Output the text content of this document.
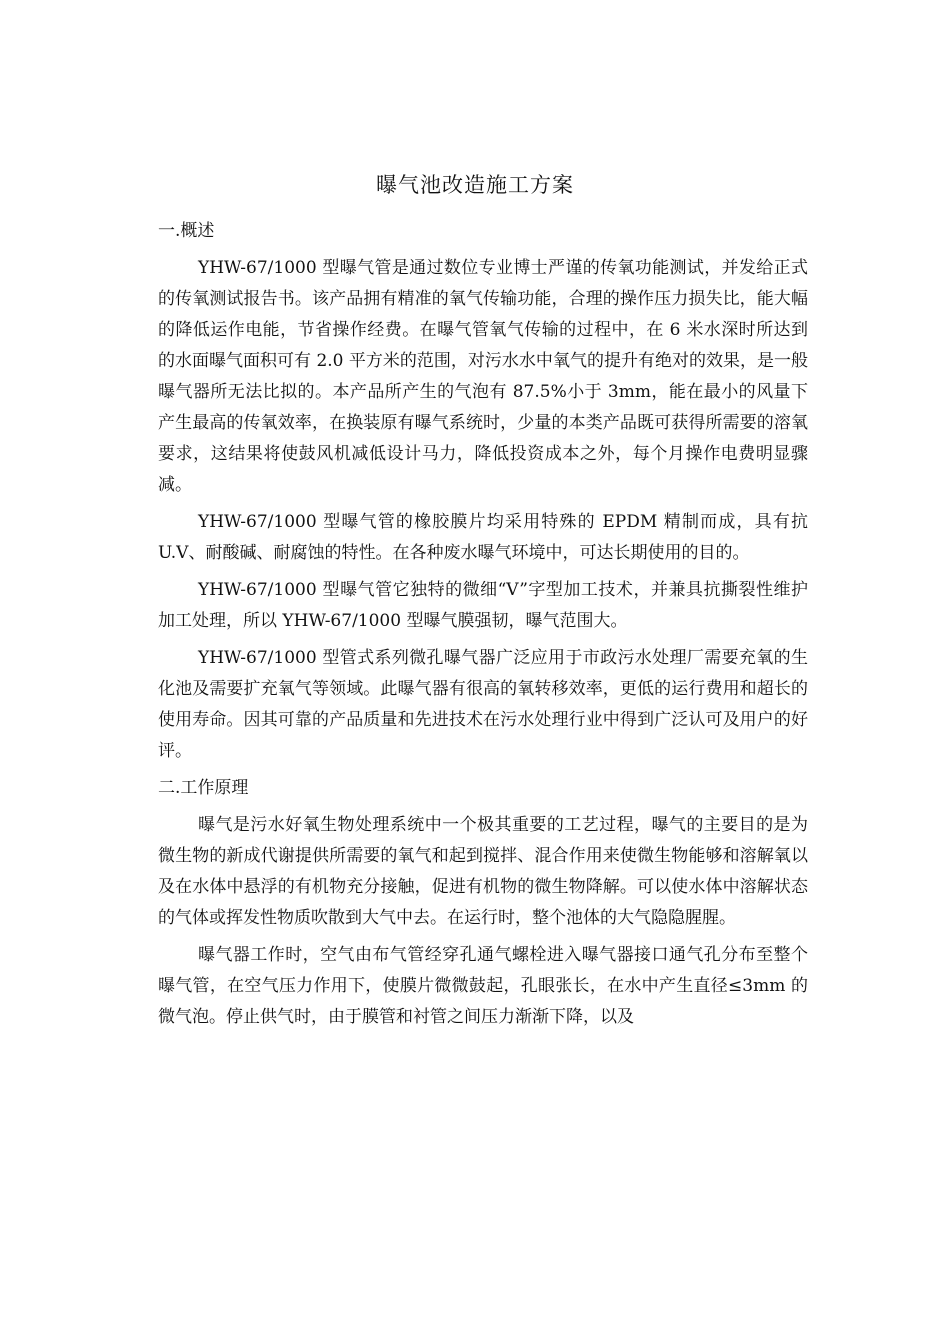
曝气池改造施工方案
一.概述

YHW-67/1000 型曝气管是通过数位专业博士严谨的传氧功能测试，并发给正式的传氧测试报告书。该产品拥有精准的氧气传输功能，合理的操作压力损失比，能大幅的降低运作电能，节省操作经费。在曝气管氧气传输的过程中，在 6 米水深时所达到的水面曝气面积可有 2.0 平方米的范围，对污水水中氧气的提升有绝对的效果，是一般曝气器所无法比拟的。本产品所产生的气泡有 87.5%小于 3mm，能在最小的风量下产生最高的传氧效率，在换装原有曝气系统时，少量的本类产品既可获得所需要的溶氧要求，这结果将使鼓风机减低设计马力，降低投资成本之外，每个月操作电费明显骤减。

YHW-67/1000 型曝气管的橡胶膜片均采用特殊的 EPDM 精制而成，具有抗 U.V、耐酸碱、耐腐蚀的特性。在各种废水曝气环境中，可达长期使用的目的。

YHW-67/1000 型曝气管它独特的微细“V”字型加工技术，并兼具抗撕裂性维护加工处理，所以 YHW-67/1000 型曝气膜强韧，曝气范围大。

YHW-67/1000 型管式系列微孔曝气器广泛应用于市政污水处理厂需要充氧的生化池及需要扩充氧气等领域。此曝气器有很高的氧转移效率，更低的运行费用和超长的使用寿命。因其可靠的产品质量和先进技术在污水处理行业中得到广泛认可及用户的好评。

二.工作原理

曝气是污水好氧生物处理系统中一个极其重要的工艺过程，曝气的主要目的是为微生物的新成代谢提供所需要的氧气和起到搅拌、混合作用来使微生物能够和溶解氧以及在水体中悬浮的有机物充分接触，促进有机物的微生物降解。可以使水体中溶解状态的气体或挥发性物质吹散到大气中去。在运行时，整个池体的大气隐隐腥腥。

曝气器工作时，空气由布气管经穿孔通气螺栓进入曝气器接口通气孔分布至整个曝气管，在空气压力作用下，使膜片微微鼓起，孔眼张长，在水中产生直径≤3mm 的微气泡。停止供气时，由于膜管和衬管之间压力渐渐下降，以及
